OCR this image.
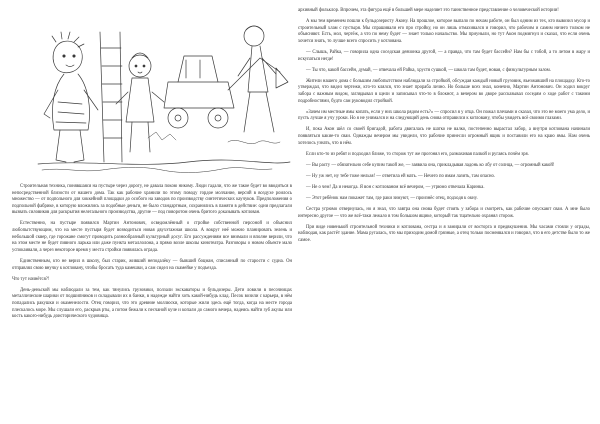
Строительная техника, понявшаяся на пустыре через дорогу, не давала покою никому. Люди гадали, что же такое будет во вводиться в непосредственной близости от нашего дома. Так как рабочие хранили по этому поводу гордое молчание, версий в воздухе роилось множество — от подпольного для хоккейной площадки до особого на заводов по производству синтетических каучуков. Предположения о подпольной фабрике, в которую вложились за подобные деньги, не было стандартным, сохранились в памяти в действие: одни предлагали вызвать силовиков для раскрытия нелегального производства, другие — под поворотом очень бритого доказывать котлован.

Естественно, на пустыре появился Мартин Антонович, осведомлённый о стройке собственной персоной и объяснил любопытствующим, что на месте пустыря будет возводиться новая двухэтажная школа. А вокруг неё можно планировать зелень и небольшой сквер, где горожане смогут проводить разнообразный культурный досуг. Его рассуждениям все внимали и вполне верили, что на этом месте не будет пивного ларька или даже пункта металлолома, а прямо возле школы кинотеатра. Разговоры о новом объекте мало успокаивали, а через некоторое время у места стройки появилась ограда.

Единственным, кто не верил в школу, был старик, живший неподалёку — бывший боцман, списанный по старости с судна. Он отправлял свою внучку к котловану, чтобы бросать туда камешки, а сам сидел на скамейке у подъезда.

Что тут начнётся?!

День-деньской мы наблюдали за тем, как тянулись грузовики, ползали экскаваторы и бульдозеры. Дети ловили в песочницах металлические шарики от подшипников и складывали их в банки, в надежде найти хоть какой-нибудь клад. Песок возили с карьера, в нём попадались ракушки и окаменелости. Отец говорил, что это древние моллюски, которые жили здесь ещё тогда, когда на месте города плескалось море. Мы слушали его, раскрыв рты, а потом бежали к песчаной куче и копали до самого вечера, надеясь найти зуб акулы или кость какого-нибудь доисторического чудовища.

архивный фольклор. Впрочем, эта фигура ещё в большей мере наделяет это таинственное представление о человеческой истории!

А мы тем временем пошли к бульдозеристу Акону. На прошлое, которое выпало по ночам работе, он был одним из тех, кто вывозил мусор и строительный хлам с пустыря. Мы спрашивали его про стройку, но он лишь отмахивался и говорил, что рабочим и самим ничего толком не объясняют. Есть, мол, чертёж, а что по нему будет — знает только начальство. Мы приуныли, но тут Акон подмигнул и сказал, что если очень хочется знать, то лучше всего спросить у котлована.

— Слышь, Райка, — говорила одна соседская девчонка другой, — а правда, что там будет бассейн? Нам бы с тобой, а то летом в жару и искупаться негде!

— Ты что, какой бассейн, думай, — отвечала ей Райка, хрустя сушкой, — школа там будет, новая, с физкультурным залом.

Жители нашего дома с большим любопытством наблюдали за стройкой, обсуждая каждый новый грузовик, въезжавший на площадку. Кто-то утверждал, что видел чертежи, кто-то клялся, что знает прораба лично. Но больше всех знал, конечно, Мартин Антонович. Он ходил вокруг забора с важным видом, заглядывал в щели и записывал что-то в блокнот, а вечером во дворе рассказывал соседям о ходе работ с такими подробностями, будто сам руководил стройкой.

«Зачем им местные ямы копать, если у них школа рядом есть?» — спросил я у отца. Он пожал плечами и сказал, что это не моего ума дело, и пусть лучше я учу уроки. Но я не унимался и на следующий день снова отправился к котловану, чтобы увидеть всё своими глазами.

И, пока Акон шёл со своей бригадой, работа двигалась не шатко не валко, постепенно вырастал забор, а внутри котлована начинали появляться какие-то сваи. Однажды вечером мы увидели, что рабочие принесли огромный ящик и поставили его на краю ямы. Нам очень хотелось узнать, что в нём.

Если кто-то из ребят и подходил ближе, то сторож тут же прогонял его, размахивая палкой и ругаясь почём зря.

— Вы расту — обязательно себе купим такой же, — заявила она, прикладывая ладонь ко лбу от солнца, — огромный какой!

— Ну уж нет, ну тебе тоже нельзя! — ответила ей мать. — Нечего по ямам лазить, там опасно.

— Не о чем! Да и некогда. Я вон с котлованом всё вечером, — угрюмо отвечала Каринка.

— Этот ребёнок нам покажет там, где раки зимуют, — произнёс отец, подходя к окну.

Сестра угрюмо отвернулась, но я знал, что завтра она снова будет стоять у забора и смотреть, как рабочие опускают сваи. А мне было интересно другое — что же всё-таки лежало в том большом ящике, который так тщательно охранял сторож.

При виде новенькой строительной техники и котлована, сестра и я замирали от восторга и предвкушения. Мы часами стояли у ограды, наблюдая, как растёт здание. Мама ругалась, что мы приходим домой грязные, а отец только посмеивался и говорил, что в его детстве было то же самое.
